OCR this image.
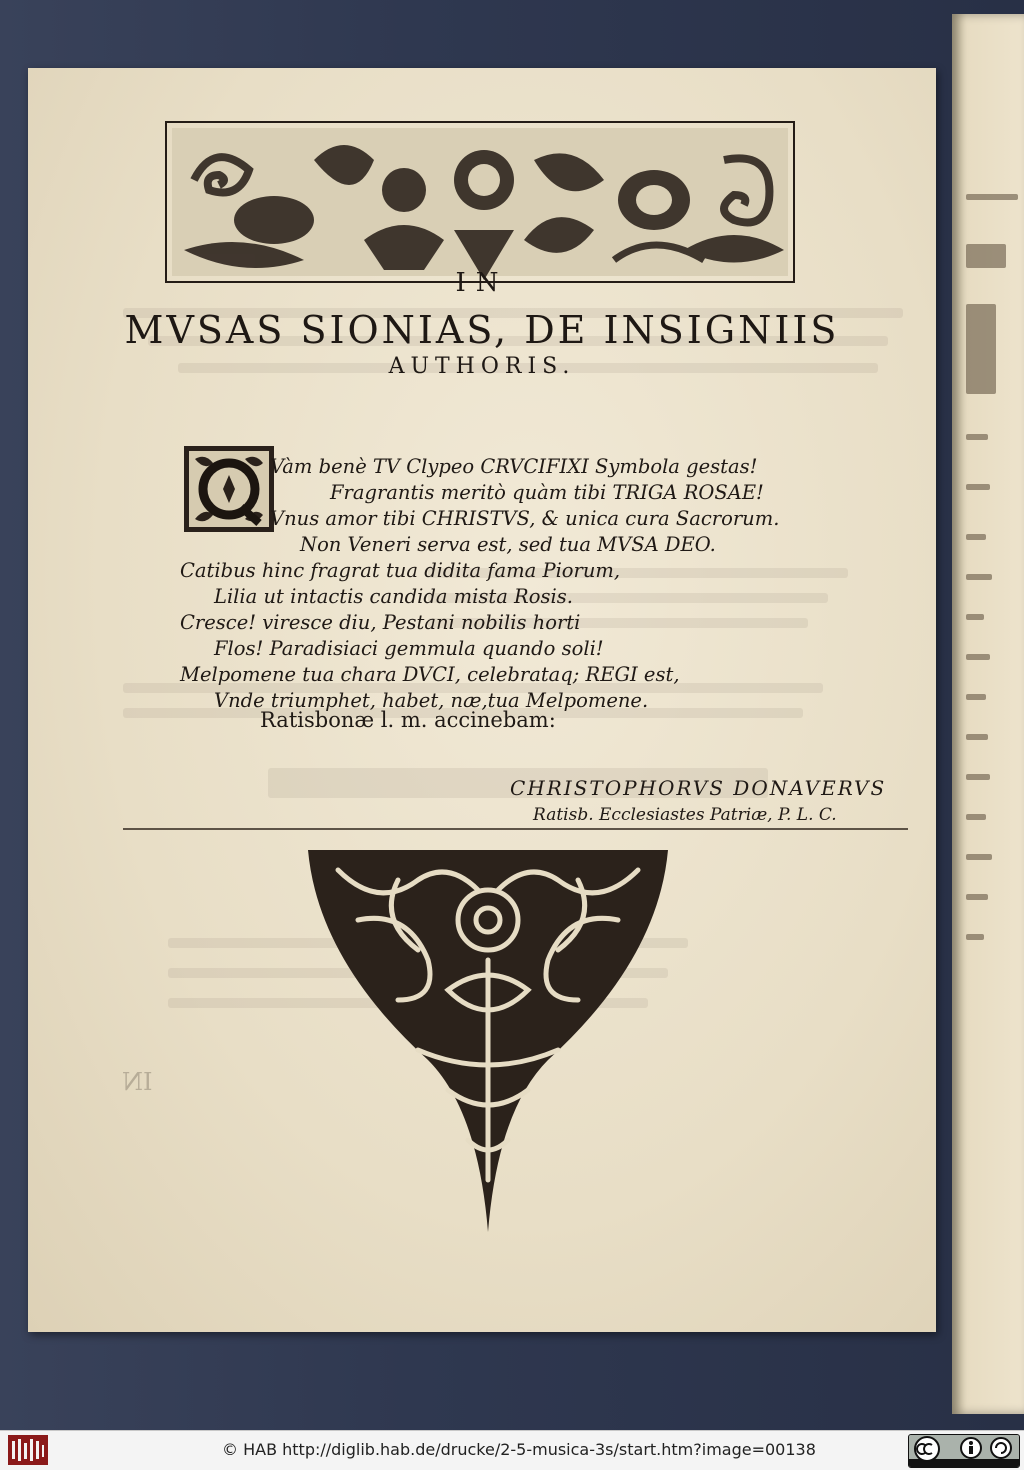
IN
MVSAS SIONIAS, DE INSIGNIIS
AUTHORIS.
Vàm benè TV Clypeo CRVCIFIXI Symbola gestas!
Fragrantis meritò quàm tibi TRIGA ROSAE!
Vnus amor tibi CHRISTVS, & unica cura Sacrorum.
Non Veneri serva est, sed tua MVSA DEO.
Catibus hinc fragrat tua didita fama Piorum,
Lilia ut intactis candida mista Rosis.
Cresce! viresce diu, Pestani nobilis horti
Flos! Paradisiaci gemmula quando soli!
Melpomene tua chara DVCI, celebrataq; REGI est,
Vnde triumphet, habet, næ,tua Melpomene.
Ratisbonæ l. m. accinebam:
CHRISTOPHORVS DONAVERVS
Ratisb. Ecclesiastes Patriæ, P. L. C.
IN
© HAB http://diglib.hab.de/drucke/2-5-musica-3s/start.htm?image=00138
